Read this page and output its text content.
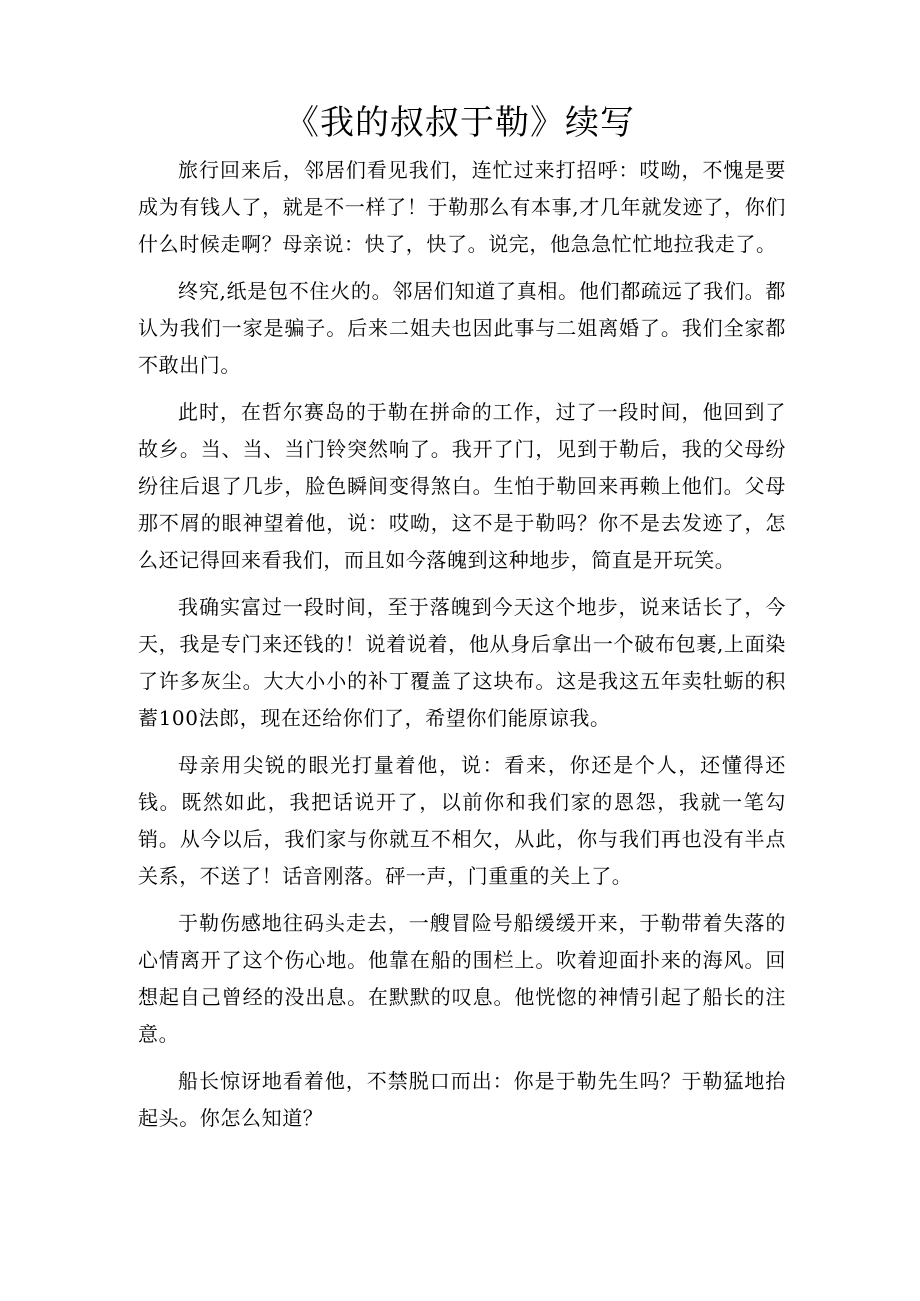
《我的叔叔于勒》续写

旅行回来后，邻居们看见我们，连忙过来打招呼：哎呦，不愧是要成为有钱人了，就是不一样了！于勒那么有本事,才几年就发迹了，你们什么时候走啊？母亲说：快了，快了。说完，他急急忙忙地拉我走了。

终究,纸是包不住火的。邻居们知道了真相。他们都疏远了我们。都认为我们一家是骗子。后来二姐夫也因此事与二姐离婚了。我们全家都不敢出门。

此时，在哲尔赛岛的于勒在拼命的工作，过了一段时间，他回到了故乡。当、当、当门铃突然响了。我开了门，见到于勒后，我的父母纷纷往后退了几步，脸色瞬间变得煞白。生怕于勒回来再赖上他们。父母那不屑的眼神望着他，说：哎呦，这不是于勒吗？你不是去发迹了，怎么还记得回来看我们，而且如今落魄到这种地步，简直是开玩笑。

我确实富过一段时间，至于落魄到今天这个地步，说来话长了，今天，我是专门来还钱的！说着说着，他从身后拿出一个破布包裹,上面染了许多灰尘。大大小小的补丁覆盖了这块布。这是我这五年卖牡蛎的积蓄100法郎，现在还给你们了，希望你们能原谅我。

母亲用尖锐的眼光打量着他，说：看来，你还是个人，还懂得还钱。既然如此，我把话说开了，以前你和我们家的恩怨，我就一笔勾销。从今以后，我们家与你就互不相欠，从此，你与我们再也没有半点关系，不送了！话音刚落。砰一声，门重重的关上了。

于勒伤感地往码头走去，一艘冒险号船缓缓开来，于勒带着失落的心情离开了这个伤心地。他靠在船的围栏上。吹着迎面扑来的海风。回想起自己曾经的没出息。在默默的叹息。他恍惚的神情引起了船长的注意。

船长惊讶地看着他，不禁脱口而出：你是于勒先生吗？于勒猛地抬起头。你怎么知道？
